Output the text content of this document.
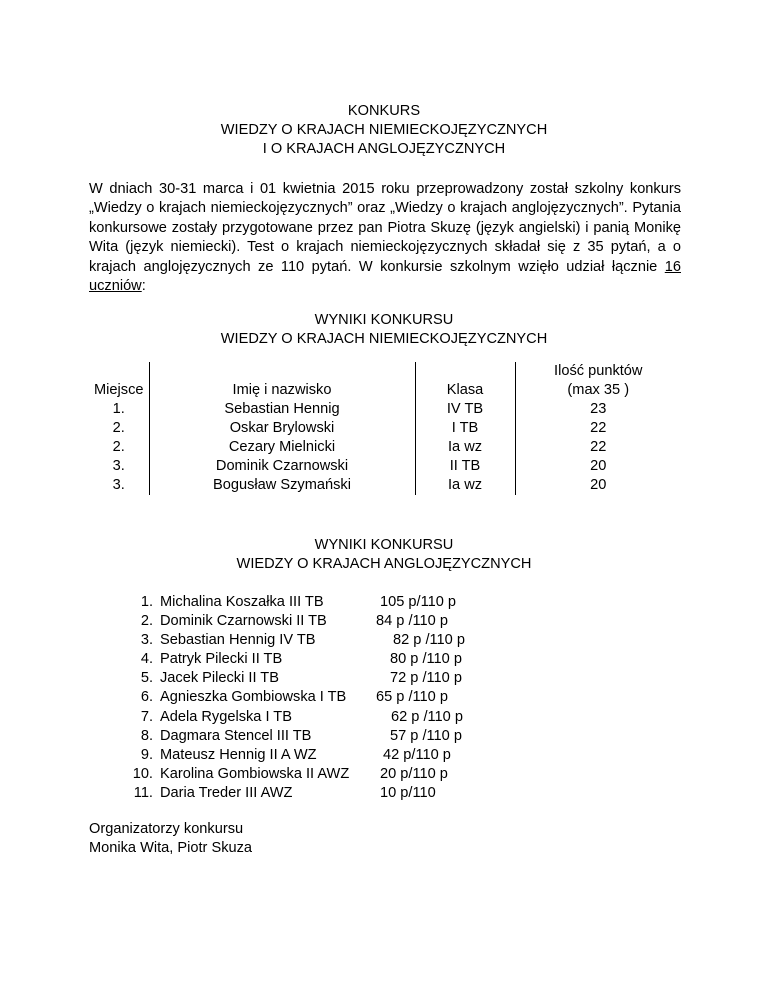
KONKURS
WIEDZY O KRAJACH NIEMIECKOJĘZYCZNYCH
I O KRAJACH ANGLOJĘZYCZNYCH

W dniach 30-31 marca i 01 kwietnia 2015 roku przeprowadzony został szkolny konkurs „Wiedzy o krajach niemieckojęzycznych” oraz „Wiedzy o krajach anglojęzycznych”. Pytania konkursowe zostały przygotowane przez pan Piotra Skuzę (język angielski) i panią Monikę Wita (język niemiecki). Test o krajach niemieckojęzycznych składał się z 35 pytań, a o krajach anglojęzycznych ze 110 pytań. W konkursie szkolnym wzięło udział łącznie 16 uczniów:

WYNIKI KONKURSU
WIEDZY O KRAJACH NIEMIECKOJĘZYCZNYCH

Miejsce	Imię i nazwisko	Klasa	Ilość punktów
(max 35 )
1.	Sebastian Hennig	IV TB	23
2.	Oskar Brylowski	I TB	22
2.	Cezary Mielnicki	Ia wz	22
3.	Dominik Czarnowski	II TB	20
3.	Bogusław Szymański	Ia wz	20
WYNIKI KONKURSU
WIEDZY O KRAJACH ANGLOJĘZYCZNYCH
1. Michalina Koszałka III TB	105 p/110 p
2. Dominik Czarnowski II TB	84 p /110 p
3. Sebastian Hennig IV TB	82 p /110 p
4. Patryk Pilecki II TB	80 p /110 p
5. Jacek Pilecki II TB	72 p /110 p
6. Agnieszka Gombiowska I TB 65 p /110 p
7. Adela Rygelska I TB	62 p /110 p
8. Dagmara Stencel III TB	57 p /110 p
9. Mateusz Hennig II A WZ	42 p/110 p
10. Karolina Gombiowska II AWZ 20 p/110 p
11. Daria Treder III AWZ	10 p/110
Organizatorzy konkursu
Monika Wita, Piotr Skuza
